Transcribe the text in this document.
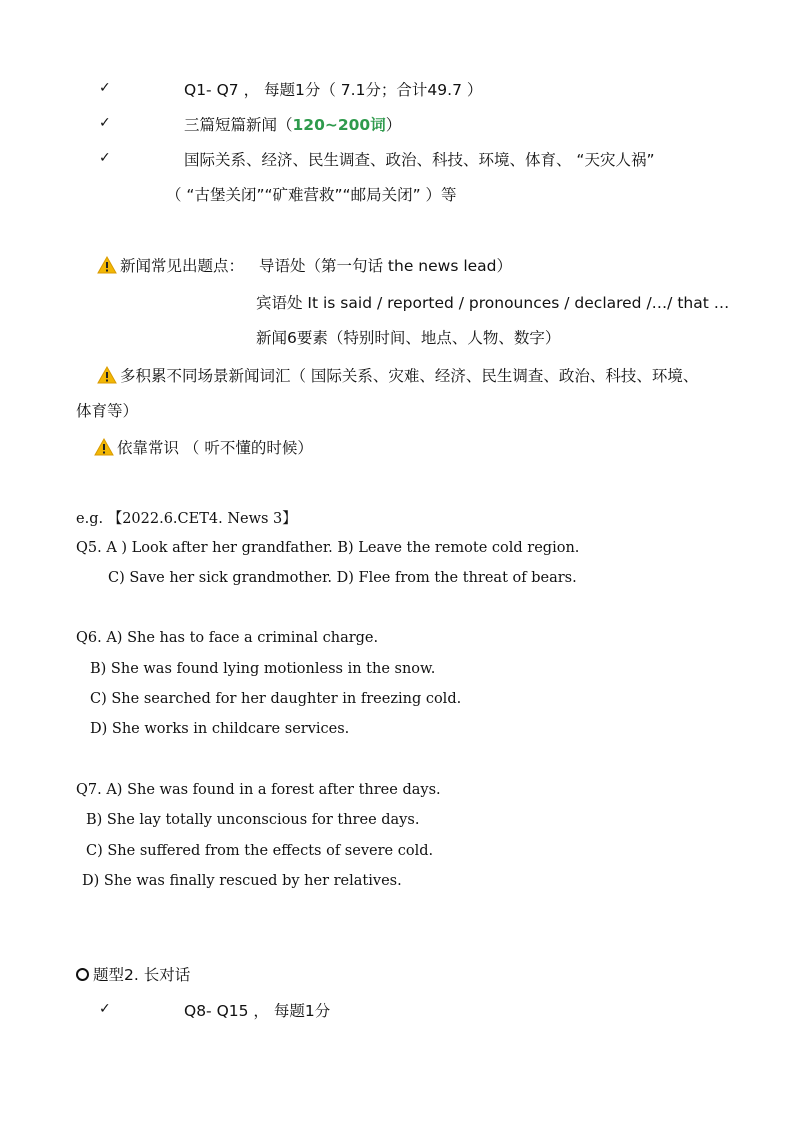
✓	Q1- Q7 ， 每题1分（ 7.1分；合计49.7 ）
✓	三篇短篇新闻（120~200词）
✓	国际关系、经济、民生调查、政治、科技、环境、体育、 “天灾人祸”
（ “古堡关闭”“矿难营救”“邮局关闭” ）等
新闻常见出题点： 导语处（第一句话 the news lead）
宾语处 It is said / reported / pronounces / declared /…/ that …
新闻6要素（特别时间、地点、人物、数字）
多积累不同场景新闻词汇（ 国际关系、灾难、经济、民生调查、政治、科技、环境、
体育等）
依靠常识 （ 听不懂的时候）
e.g. 【2022.6.CET4. News 3】
Q5. A ) Look after her grandfather. B) Leave the remote cold region.
C) Save her sick grandmother. D) Flee from the threat of bears.
Q6. A) She has to face a criminal charge.
B) She was found lying motionless in the snow.
C) She searched for her daughter in freezing cold.
D) She works in childcare services.
Q7. A) She was found in a forest after three days.
B) She lay totally unconscious for three days.
C) She suffered from the effects of severe cold.
D) She was finally rescued by her relatives.
题型2. 长对话
✓	Q8- Q15 ， 每题1分
